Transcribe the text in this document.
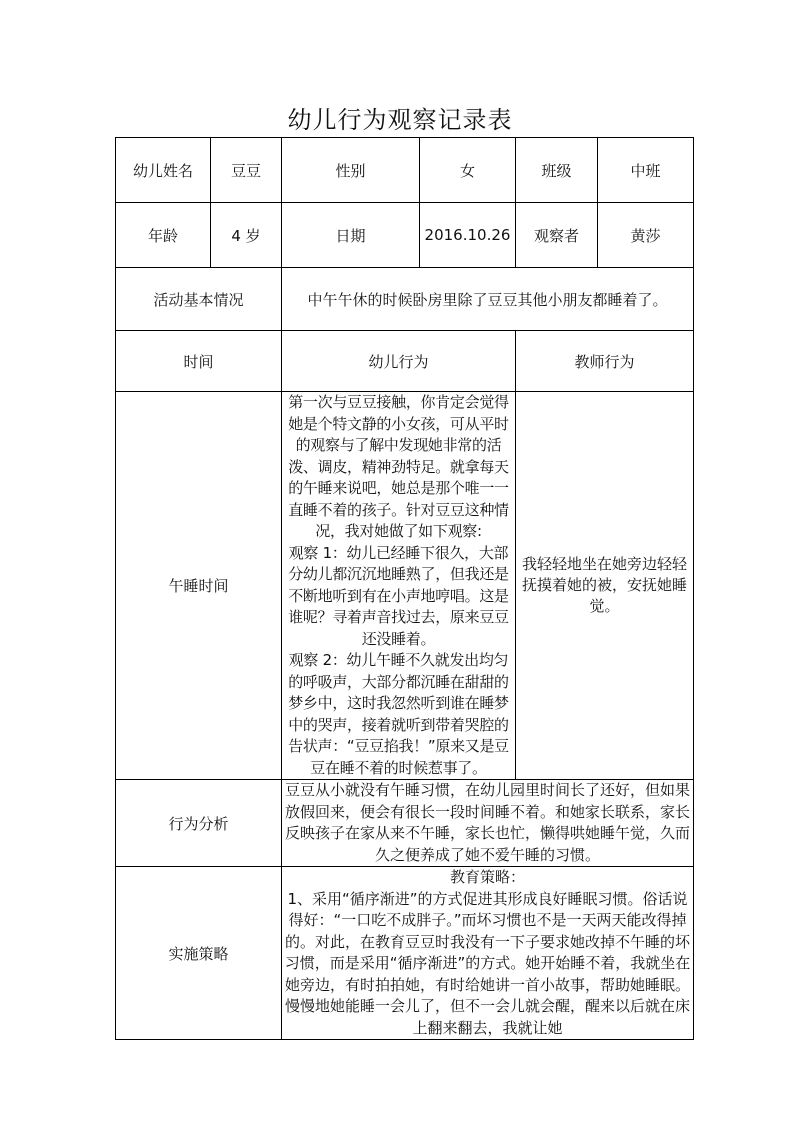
幼儿行为观察记录表
幼儿姓名	豆豆	性别	女	班级	中班
年龄	4 岁	日期	2016.10.26	观察者	黄莎
活动基本情况		中午午休的时候卧房里除了豆豆其他小朋友都睡着了。			
时间		幼儿行为		教师行为	
午睡时间		第一次与豆豆接触，你肯定会觉得她是个特文静的小女孩，可从平时的观察与了解中发现她非常的活泼、调皮，精神劲特足。就拿每天的午睡来说吧，她总是那个唯一一直睡不着的孩子。针对豆豆这种情况，我对她做了如下观察:
观察 1：幼儿已经睡下很久，大部分幼儿都沉沉地睡熟了，但我还是不断地听到有在小声地哼唱。这是谁呢？寻着声音找过去，原来豆豆还没睡着。
观察 2：幼儿午睡不久就发出均匀的呼吸声，大部分都沉睡在甜甜的梦乡中，这时我忽然听到谁在睡梦中的哭声，接着就听到带着哭腔的告状声：“豆豆掐我！”原来又是豆豆在睡不着的时候惹事了。		我轻轻地坐在她旁边轻轻抚摸着她的被，安抚她睡觉。	
行为分析		豆豆从小就没有午睡习惯，在幼儿园里时间长了还好，但如果放假回来，便会有很长一段时间睡不着。和她家长联系，家长反映孩子在家从来不午睡，家长也忙，懒得哄她睡午觉，久而久之便养成了她不爱午睡的习惯。			
实施策略		教育策略：
1、采用“循序渐进”的方式促进其形成良好睡眠习惯。俗话说得好：“一口吃不成胖子。”而坏习惯也不是一天两天能改得掉的。对此，在教育豆豆时我没有一下子要求她改掉不午睡的坏习惯，而是采用“循序渐进”的方式。她开始睡不着，我就坐在她旁边，有时拍拍她，有时给她讲一首小故事，帮助她睡眠。慢慢地她能睡一会儿了，但不一会儿就会醒，醒来以后就在床上翻来翻去，我就让她			
